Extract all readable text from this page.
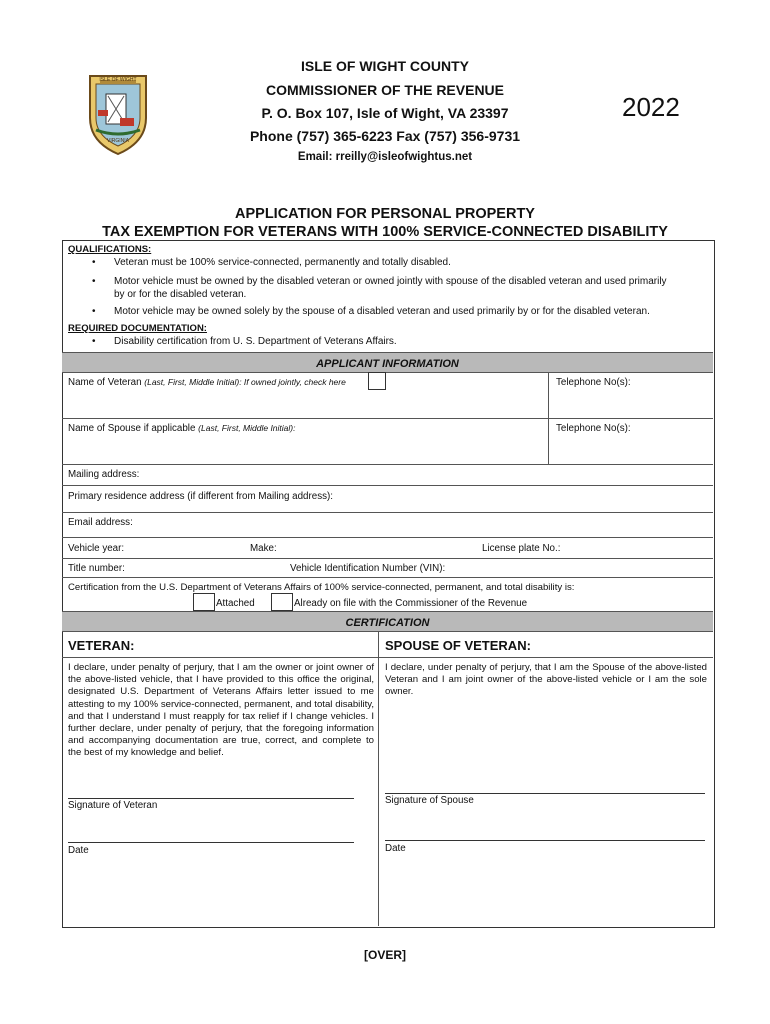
ISLE OF WIGHT
VIRGINIA
ISLE OF WIGHT COUNTY
COMMISSIONER OF THE REVENUE
P. O. Box 107, Isle of Wight, VA 23397
Phone (757) 365-6223 Fax (757) 356-9731
Email: rreilly@isleofwightus.net
2022
APPLICATION FOR PERSONAL PROPERTY
TAX EXEMPTION FOR VETERANS WITH 100% SERVICE-CONNECTED DISABILITY
QUALIFICATIONS:
• Veteran must be 100% service-connected, permanently and totally disabled.
• Motor vehicle must be owned by the disabled veteran or owned jointly with spouse of the disabled veteran and used primarily
by or for the disabled veteran.
• Motor vehicle may be owned solely by the spouse of a disabled veteran and used primarily by or for the disabled veteran.
REQUIRED DOCUMENTATION:
• Disability certification from U. S. Department of Veterans Affairs.
APPLICANT INFORMATION
Name of Veteran (Last, First, Middle Initial): If owned jointly, check here	Telephone No(s):
Name of Spouse if applicable (Last, First, Middle Initial):	Telephone No(s):
Mailing address:
Primary residence address (if different from Mailing address):
Email address:
Vehicle year:	Make:	License plate No.:
Title number:	Vehicle Identification Number (VIN):
Certification from the U.S. Department of Veterans Affairs of 100% service-connected, permanent, and total disability is:
Attached	Already on file with the Commissioner of the Revenue
CERTIFICATION
VETERAN:	SPOUSE OF VETERAN:
I declare, under penalty of perjury, that I am the owner or joint owner of the above-listed vehicle, that I have provided to this office the original, designated U.S. Department of Veterans Affairs letter issued to me attesting to my 100% service-connected, permanent, and total disability, and that I understand I must reapply for tax relief if I change vehicles. I further declare, under penalty of perjury, that the foregoing information and accompanying documentation are true, correct, and complete to the best of my knowledge and belief.
I declare, under penalty of perjury, that I am the Spouse of the above-listed Veteran and I am joint owner of the above-listed vehicle or I am the sole owner.
Signature of Veteran
Date
Signature of Spouse
Date
[OVER]
